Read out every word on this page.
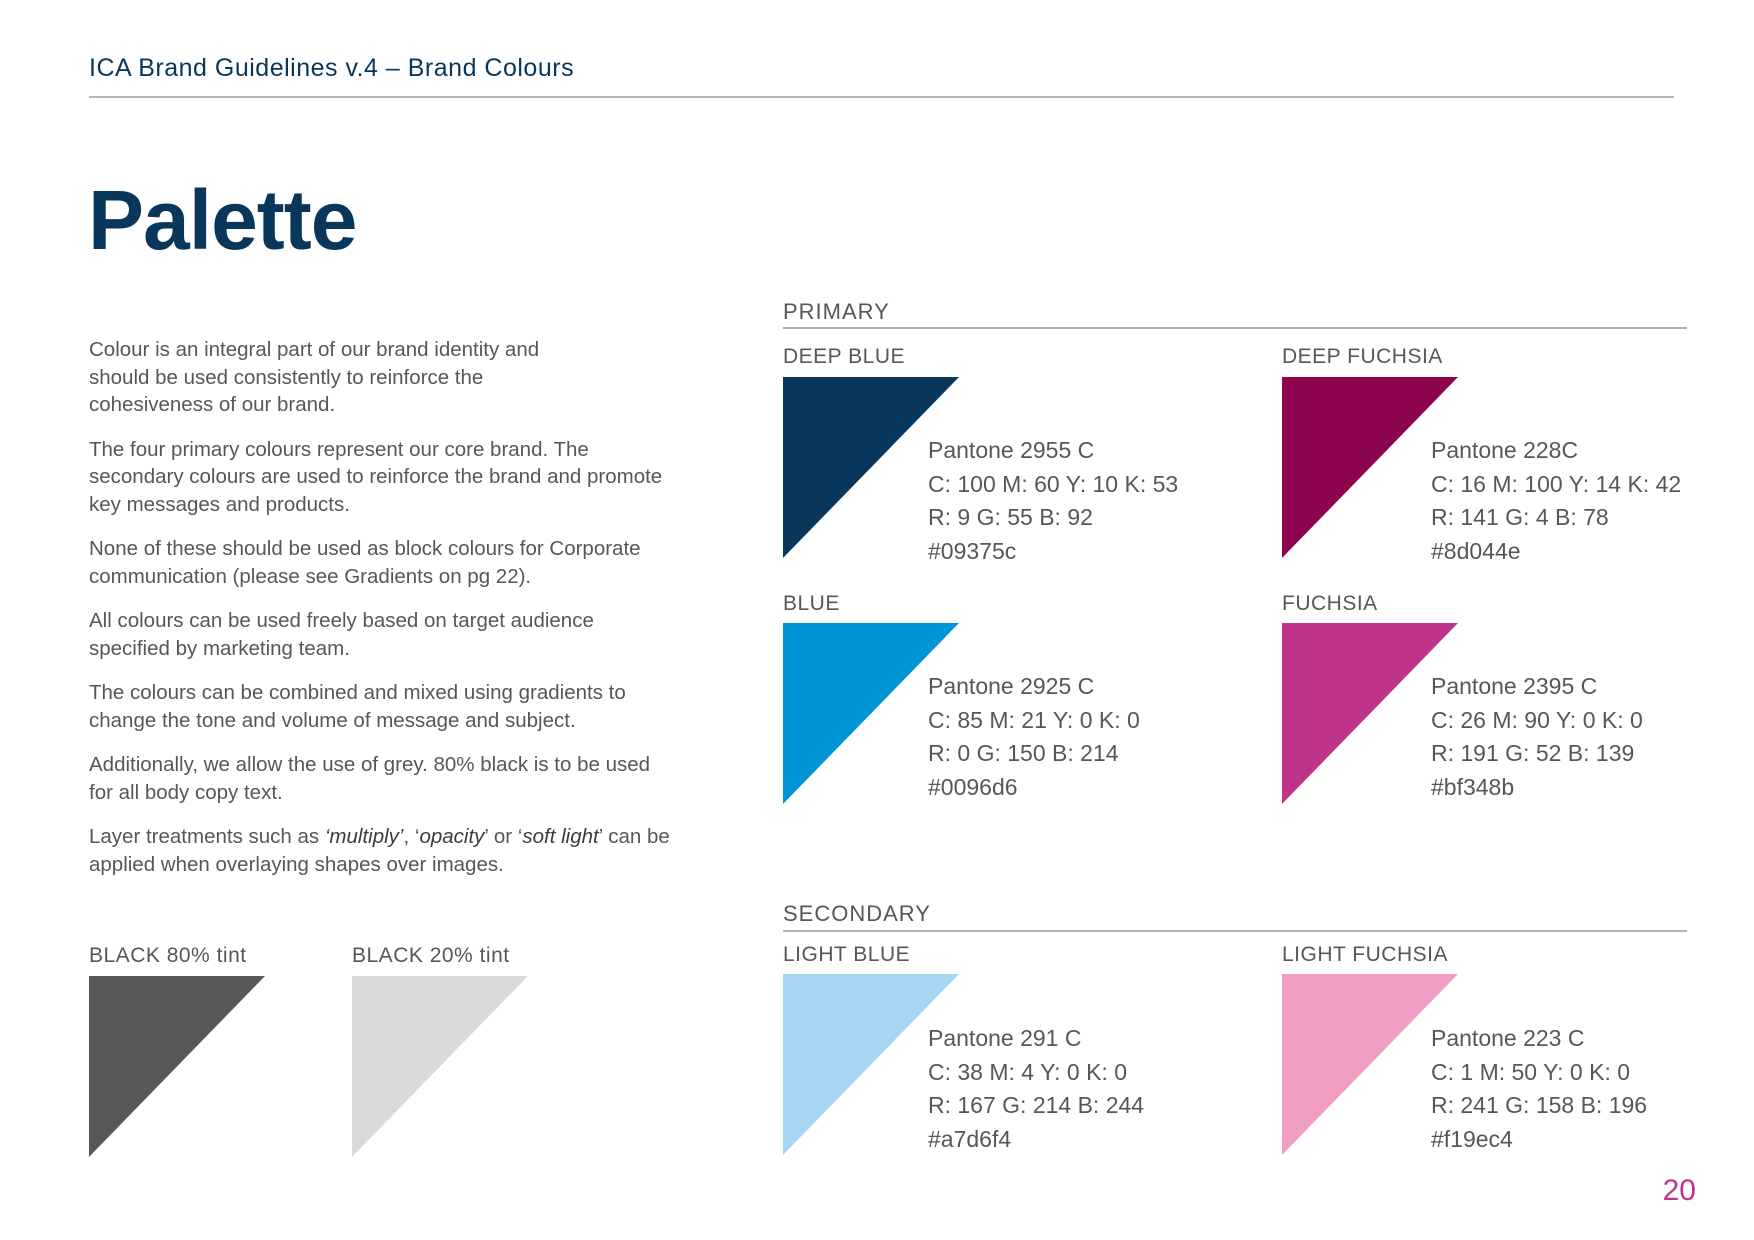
ICA Brand Guidelines v.4 – Brand Colours
Palette

Colour is an integral part of our brand identity and should be used consistently to reinforce the cohesiveness of our brand.

The four primary colours represent our core brand. The secondary colours are used to reinforce the brand and promote key messages and products.

None of these should be used as block colours for Corporate communication (please see Gradients on pg 22).

All colours can be used freely based on target audience specified by marketing team.

The colours can be combined and mixed using gradients to change the tone and volume of message and subject.

Additionally, we allow the use of grey. 80% black is to be used for all body copy text.

Layer treatments such as ‘multiply’, ‘opacity’ or ‘soft light’ can be applied when overlaying shapes over images.

BLACK 80% tint	BLACK 20% tint
PRIMARY
DEEP BLUE
Pantone 2955 C
C: 100 M: 60 Y: 10 K: 53
R: 9 G: 55 B: 92
#09375c
DEEP FUCHSIA
Pantone 228C
C: 16 M: 100 Y: 14 K: 42
R: 141 G: 4 B: 78
#8d044e
BLUE
Pantone 2925 C
C: 85 M: 21 Y: 0 K: 0
R: 0 G: 150 B: 214
#0096d6
FUCHSIA
Pantone 2395 C
C: 26 M: 90 Y: 0 K: 0
R: 191 G: 52 B: 139
#bf348b
SECONDARY
LIGHT BLUE
Pantone 291 C
C: 38 M: 4 Y: 0 K: 0
R: 167 G: 214 B: 244
#a7d6f4
LIGHT FUCHSIA
Pantone 223 C
C: 1 M: 50 Y: 0 K: 0
R: 241 G: 158 B: 196
#f19ec4
20
